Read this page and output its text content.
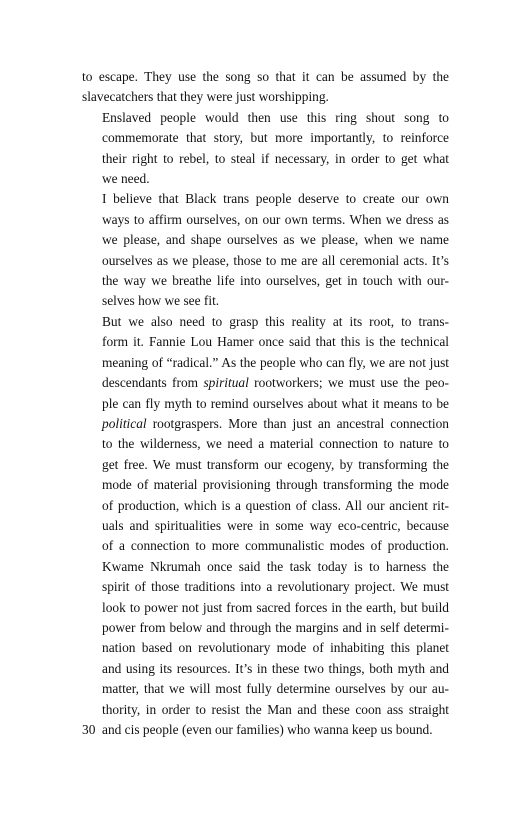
to escape. They use the song so that it can be assumed by the
slavecatchers that they were just worshipping.

Enslaved people would then use this ring shout song to
commemorate that story, but more importantly, to reinforce
their right to rebel, to steal if necessary, in order to get what
we need.

I believe that Black trans people deserve to create our own
ways to affirm ourselves, on our own terms. When we dress as
we please, and shape ourselves as we please, when we name
ourselves as we please, those to me are all ceremonial acts. It’s
the way we breathe life into ourselves, get in touch with our-
selves how we see fit.

But we also need to grasp this reality at its root, to trans-
form it. Fannie Lou Hamer once said that this is the technical
meaning of “radical.” As the people who can fly, we are not just
descendants from spiritual rootworkers; we must use the peo-
ple can fly myth to remind ourselves about what it means to be
political rootgraspers. More than just an ancestral connection
to the wilderness, we need a material connection to nature to
get free. We must transform our ecogeny, by transforming the
mode of material provisioning through transforming the mode
of production, which is a question of class. All our ancient rit-
uals and spiritualities were in some way eco-centric, because
of a connection to more communalistic modes of production.
Kwame Nkrumah once said the task today is to harness the
spirit of those traditions into a revolutionary project. We must
look to power not just from sacred forces in the earth, but build
power from below and through the margins and in self determi-
nation based on revolutionary mode of inhabiting this planet
and using its resources. It’s in these two things, both myth and
matter, that we will most fully determine ourselves by our au-
thority, in order to resist the Man and these coon ass straight
and cis people (even our families) who wanna keep us bound.

30
